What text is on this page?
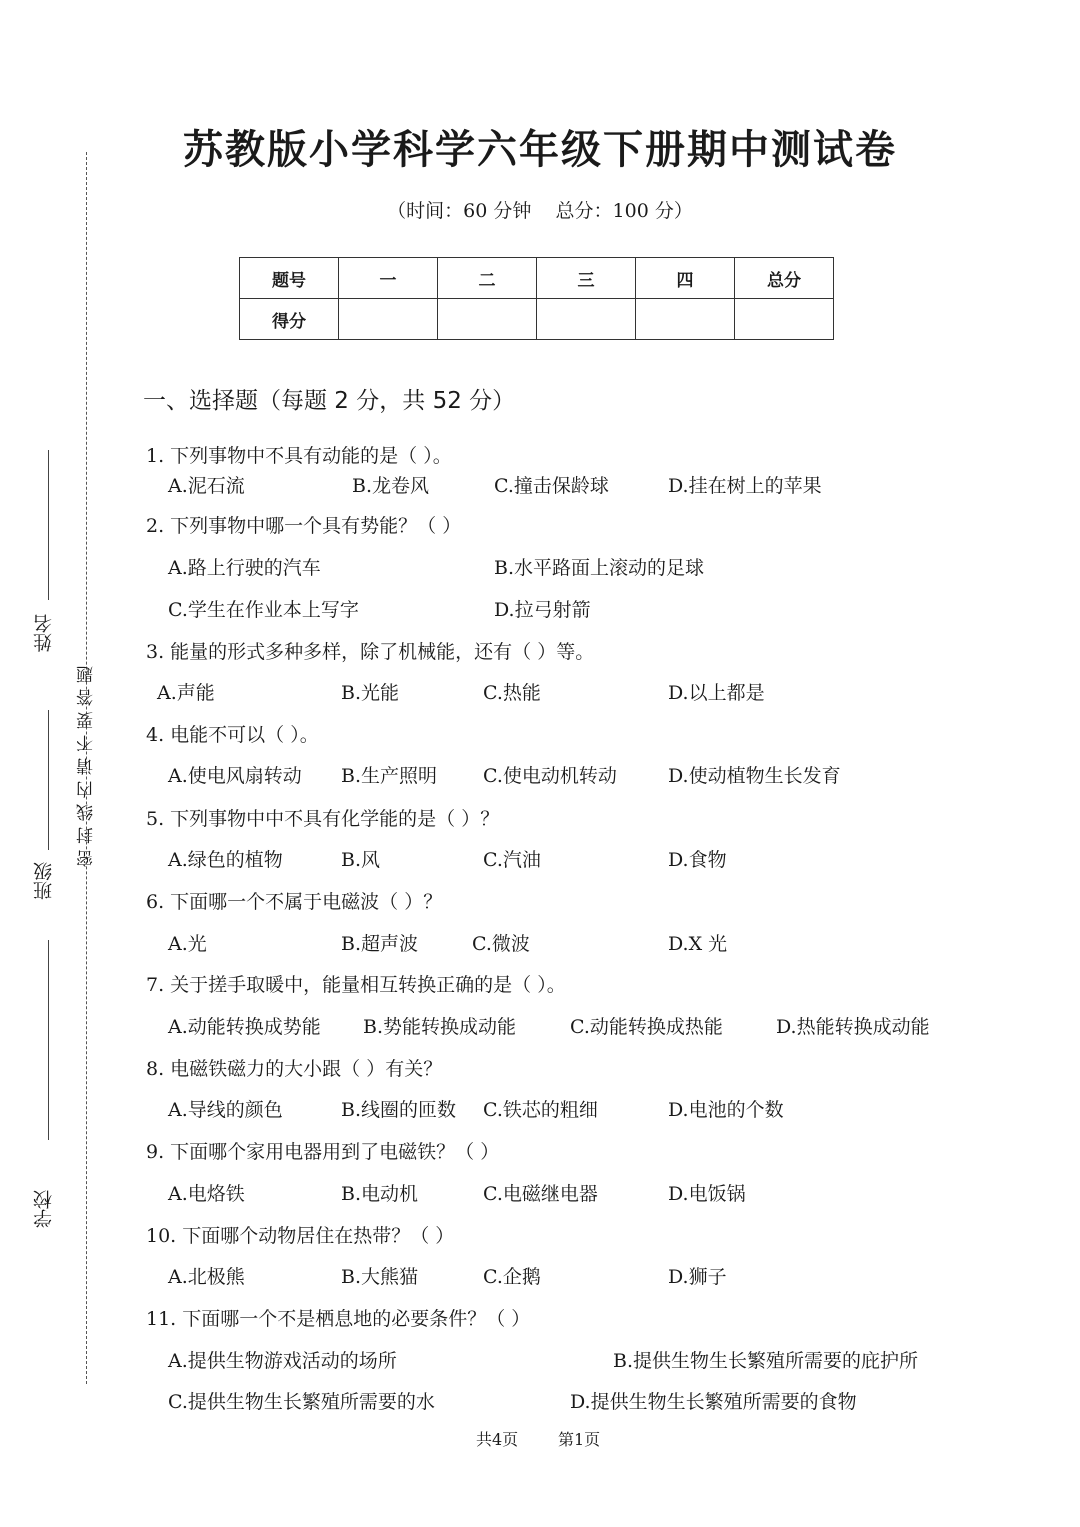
密封线内请不要答题
姓名
班级
学校
苏教版小学科学六年级下册期中测试卷
（时间：60 分钟    总分：100 分）
题号	一	二	三	四	总分
得分					
一、选择题（每题 2 分，共 52 分）
1. 下列事物中不具有动能的是（ ）。
A.泥石流	B.龙卷风	C.撞击保龄球	D.挂在树上的苹果
2. 下列事物中哪一个具有势能？（ ）
A.路上行驶的汽车	B.水平路面上滚动的足球
C.学生在作业本上写字	D.拉弓射箭
3. 能量的形式多种多样，除了机械能，还有（ ）等。
A.声能	B.光能	C.热能	D.以上都是
4. 电能不可以（ ）。
A.使电风扇转动 B.生产照明 C.使电动机转动	D.使动植物生长发育
5. 下列事物中中不具有化学能的是（ ）？
A.绿色的植物	B.风	C.汽油	D.食物
6. 下面哪一个不属于电磁波（ ）？
A.光	B.超声波	C.微波	D.X 光
7. 关于搓手取暖中，能量相互转换正确的是（ ）。
A.动能转换成势能 B.势能转换成动能	C.动能转换成热能	D.热能转换成动能
8. 电磁铁磁力的大小跟（ ）有关？
A.导线的颜色	B.线圈的匝数 C.铁芯的粗细	D.电池的个数
9. 下面哪个家用电器用到了电磁铁？（ ）
A.电烙铁	B.电动机	C.电磁继电器	D.电饭锅
10. 下面哪个动物居住在热带？（ ）
A.北极熊	B.大熊猫	C.企鹅	D.狮子
11. 下面哪一个不是栖息地的必要条件？（ ）
A.提供生物游戏活动的场所	B.提供生物生长繁殖所需要的庇护所
C.提供生物生长繁殖所需要的水	D.提供生物生长繁殖所需要的食物
共4页 第1页
